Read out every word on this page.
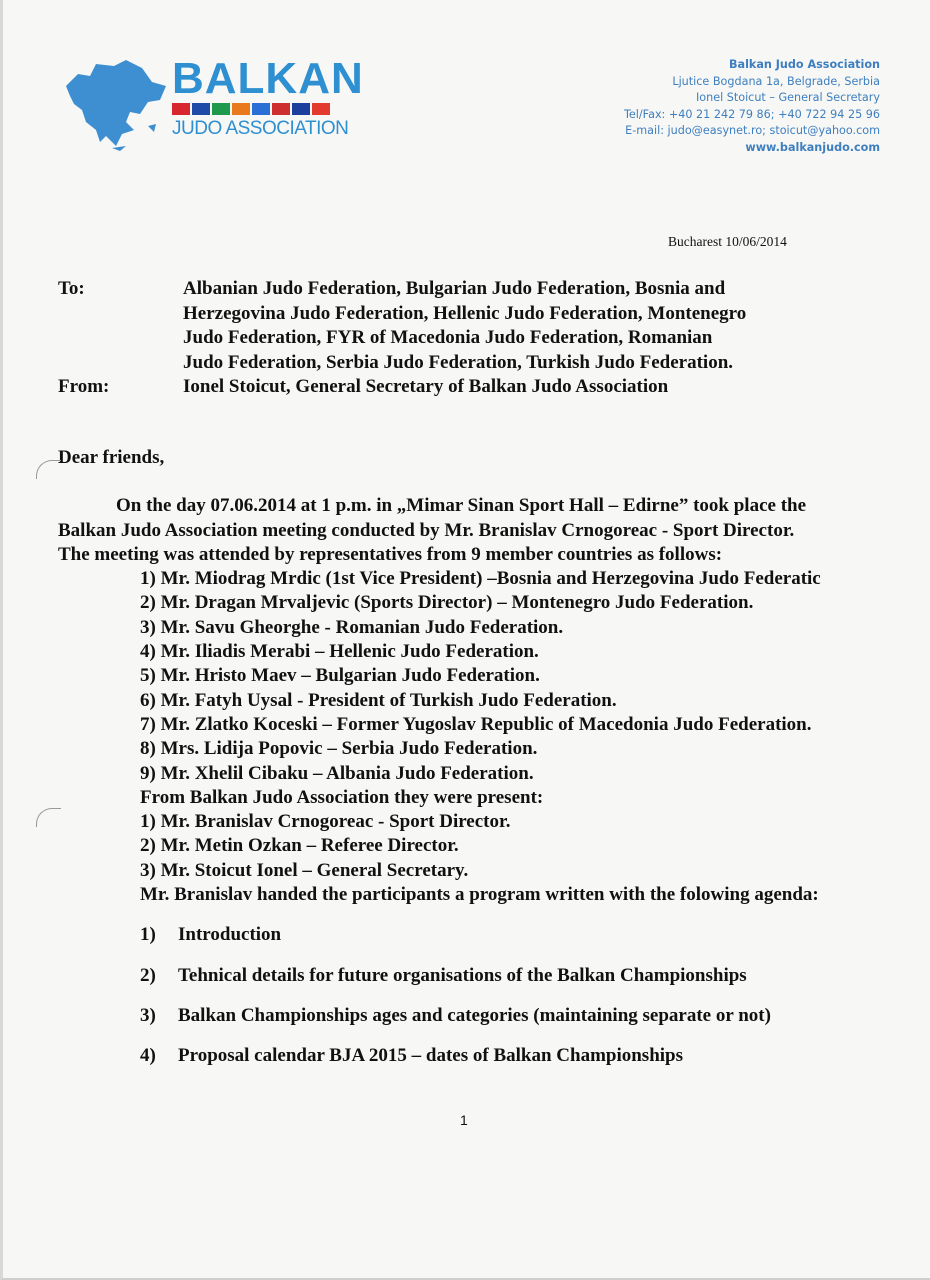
BALKAN
JUDO ASSOCIATION
Balkan Judo Association
Ljutice Bogdana 1a, Belgrade, Serbia
Ionel Stoicut – General Secretary
Tel/Fax: +40 21 242 79 86; +40 722 94 25 96
E-mail: judo@easynet.ro; stoicut@yahoo.com
www.balkanjudo.com
Bucharest 10/06/2014
To:	Albanian Judo Federation, Bulgarian Judo Federation, Bosnia and
Herzegovina Judo Federation, Hellenic Judo Federation, Montenegro
Judo Federation, FYR of Macedonia Judo Federation, Romanian
Judo Federation, Serbia Judo Federation, Turkish Judo Federation.
From:	Ionel Stoicut, General Secretary of Balkan Judo Association

Dear friends,

On the day 07.06.2014 at 1 p.m. in „Mimar Sinan Sport Hall – Edirne” took place the Balkan Judo Association meeting conducted by Mr. Branislav Crnogoreac - Sport Director.

The meeting was attended by representatives from 9 member countries as follows:

1) Mr. Miodrag Mrdic (1st Vice President) –Bosnia and Herzegovina Judo Federatic

2) Mr. Dragan Mrvaljevic (Sports Director) – Montenegro Judo Federation.

3) Mr. Savu Gheorghe - Romanian Judo Federation.

4) Mr. Iliadis Merabi – Hellenic Judo Federation.

5) Mr. Hristo Maev – Bulgarian Judo Federation.

6) Mr. Fatyh Uysal - President of Turkish Judo Federation.

7) Mr. Zlatko Koceski – Former Yugoslav Republic of Macedonia Judo Federation.

8) Mrs. Lidija Popovic – Serbia Judo Federation.

9) Mr. Xhelil Cibaku – Albania Judo Federation.

From Balkan Judo Association they were present:

1) Mr. Branislav Crnogoreac - Sport Director.

2) Mr. Metin Ozkan – Referee Director.

3) Mr. Stoicut Ionel – General Secretary.

Mr. Branislav handed the participants a program written with the folowing agenda:

1) Introduction

2) Tehnical details for future organisations of the Balkan Championships

3) Balkan Championships ages and categories (maintaining separate or not)

4) Proposal calendar BJA 2015 – dates of Balkan Championships

1
